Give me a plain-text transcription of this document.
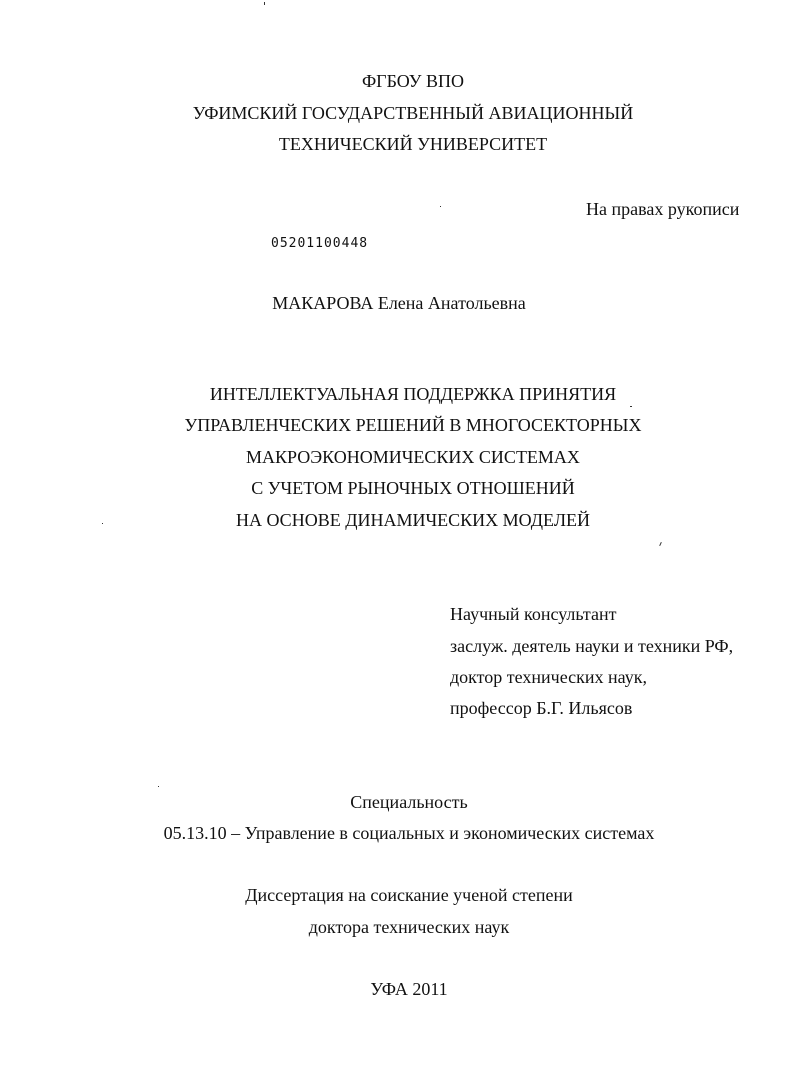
ФГБОУ ВПО
УФИМСКИЙ ГОСУДАРСТВЕННЫЙ АВИАЦИОННЫЙ
ТЕХНИЧЕСКИЙ УНИВЕРСИТЕТ
На правах рукописи
05201100448
МАКАРОВА Елена Анатольевна
ИНТЕЛЛЕКТУАЛЬНАЯ ПОДДЕРЖКА ПРИНЯТИЯ
УПРАВЛЕНЧЕСКИХ РЕШЕНИЙ В МНОГОСЕКТОРНЫХ
МАКРОЭКОНОМИЧЕСКИХ СИСТЕМАХ
С УЧЕТОМ РЫНОЧНЫХ ОТНОШЕНИЙ
НА ОСНОВЕ ДИНАМИЧЕСКИХ МОДЕЛЕЙ
Научный консультант
заслуж. деятель науки и техники РФ,
доктор технических наук,
профессор Б.Г. Ильясов
Специальность
05.13.10 – Управление в социальных и экономических системах
Диссертация на соискание ученой степени
доктора технических наук
УФА 2011
